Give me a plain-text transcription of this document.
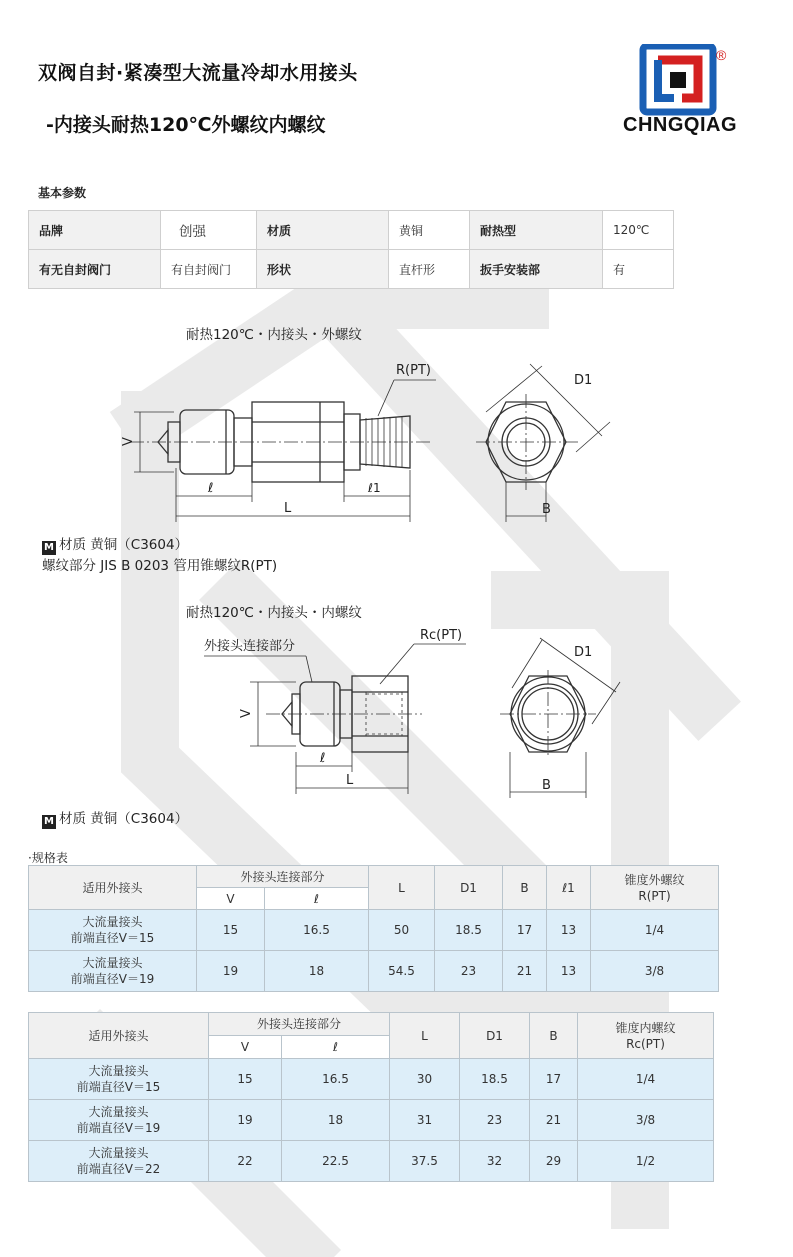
双阀自封·紧凑型大流量冷却水用接头
-内接头耐热120℃外螺纹内螺纹
®
CHNGQIAG
基本参数
品牌	创强	材质	黄铜	耐热型	120℃
有无自封阀门	有自封阀门	形状	直杆形	扳手安装部	有
耐热120℃・内接头・外螺纹
R(PT)
V
ℓ	ℓ1
L
D1
B
M 材质 黄铜（C3604）
螺纹部分 JIS B 0203 管用锥螺纹R(PT)
耐热120℃・内接头・内螺纹
Rc(PT)
外接头连接部分
V
ℓ
L
D1
B
M 材质 黄铜（C3604）
·规格表
适用外接头	外接头连接部分		L	D1	B	ℓ1	锥度外螺纹
R(PT)
	V	ℓ					
大流量接头
前端直径V＝15	15	16.5	50	18.5	17	13	1/4
大流量接头
前端直径V＝19	19	18	54.5	23	21	13	3/8
适用外接头	外接头连接部分		L	D1	B	锥度内螺纹
Rc(PT)
	V	ℓ				
大流量接头
前端直径V＝15	15	16.5	30	18.5	17	1/4
大流量接头
前端直径V＝19	19	18	31	23	21	3/8
大流量接头
前端直径V＝22	22	22.5	37.5	32	29	1/2
